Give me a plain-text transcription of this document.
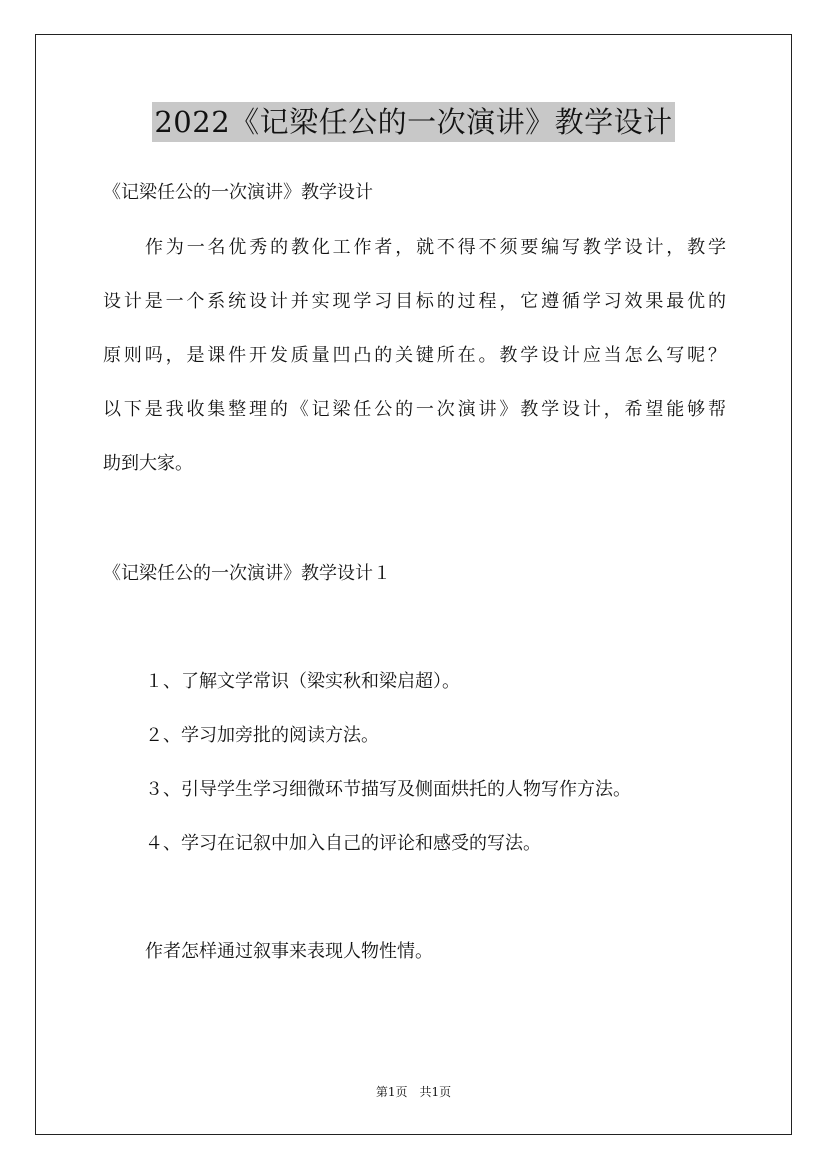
2022《记梁任公的一次演讲》教学设计
《记梁任公的一次演讲》教学设计
作为一名优秀的教化工作者，就不得不须要编写教学设计，教学
设计是一个系统设计并实现学习目标的过程，它遵循学习效果最优的
原则吗，是课件开发质量凹凸的关键所在。教学设计应当怎么写呢？
以下是我收集整理的《记梁任公的一次演讲》教学设计，希望能够帮
助到大家。
《记梁任公的一次演讲》教学设计１
１、了解文学常识（梁实秋和梁启超）。
２、学习加旁批的阅读方法。
３、引导学生学习细微环节描写及侧面烘托的人物写作方法。
４、学习在记叙中加入自己的评论和感受的写法。
作者怎样通过叙事来表现人物性情。
第1页　共1页
